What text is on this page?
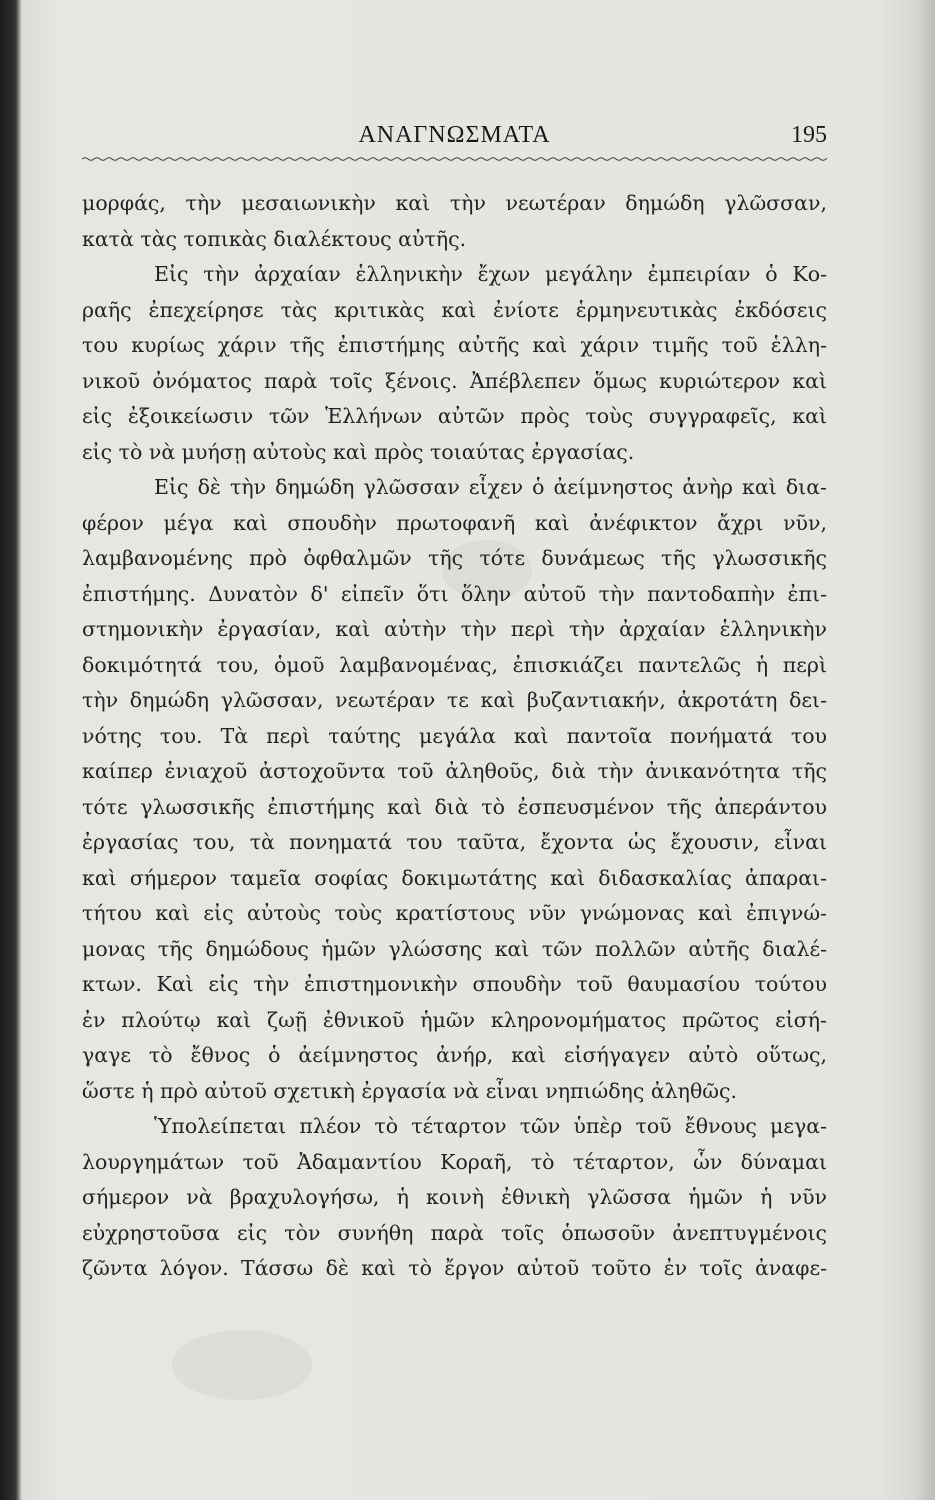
ΑΝΑΓΝΩΣΜΑΤΑ	195
μορφάς, τὴν μεσαιωνικὴν καὶ τὴν νεωτέραν δημώδη γλῶσσαν,
κατὰ τὰς τοπικὰς διαλέκτους αὐτῆς.
Εἰς τὴν ἀρχαίαν ἑλληνικὴν ἔχων μεγάλην ἐμπειρίαν ὁ Κο-
ραῆς ἐπεχείρησε τὰς κριτικὰς καὶ ἐνίοτε ἑρμηνευτικὰς ἐκδόσεις
του κυρίως χάριν τῆς ἐπιστήμης αὐτῆς καὶ χάριν τιμῆς τοῦ ἑλλη-
νικοῦ ὀνόματος παρὰ τοῖς ξένοις. Ἀπέβλεπεν ὅμως κυριώτερον καὶ
εἰς ἐξοικείωσιν τῶν Ἑλλήνων αὐτῶν πρὸς τοὺς συγγραφεῖς, καὶ
εἰς τὸ νὰ μυήσῃ αὐτοὺς καὶ πρὸς τοιαύτας ἐργασίας.
Εἰς δὲ τὴν δημώδη γλῶσσαν εἶχεν ὁ ἀείμνηστος ἀνὴρ καὶ δια-
φέρον μέγα καὶ σπουδὴν πρωτοφανῆ καὶ ἀνέφικτον ἄχρι νῦν,
λαμβανομένης πρὸ ὀφθαλμῶν τῆς τότε δυνάμεως τῆς γλωσσικῆς
ἐπιστήμης. Δυνατὸν δ' εἰπεῖν ὅτι ὅλην αὐτοῦ τὴν παντοδαπὴν ἐπι-
στημονικὴν ἐργασίαν, καὶ αὐτὴν τὴν περὶ τὴν ἀρχαίαν ἑλληνικὴν
δοκιμότητά του, ὁμοῦ λαμβανομένας, ἐπισκιάζει παντελῶς ἡ περὶ
τὴν δημώδη γλῶσσαν, νεωτέραν τε καὶ βυζαντιακήν, ἀκροτάτη δει-
νότης του. Τὰ περὶ ταύτης μεγάλα καὶ παντοῖα πονήματά του
καίπερ ἐνιαχοῦ ἀστοχοῦντα τοῦ ἀληθοῦς, διὰ τὴν ἀνικανότητα τῆς
τότε γλωσσικῆς ἐπιστήμης καὶ διὰ τὸ ἐσπευσμένον τῆς ἀπεράντου
ἐργασίας του, τὰ πονηματά του ταῦτα, ἔχοντα ὡς ἔχουσιν, εἶναι
καὶ σήμερον ταμεῖα σοφίας δοκιμωτάτης καὶ διδασκαλίας ἀπαραι-
τήτου καὶ εἰς αὐτοὺς τοὺς κρατίστους νῦν γνώμονας καὶ ἐπιγνώ-
μονας τῆς δημώδους ἡμῶν γλώσσης καὶ τῶν πολλῶν αὐτῆς διαλέ-
κτων. Καὶ εἰς τὴν ἐπιστημονικὴν σπουδὴν τοῦ θαυμασίου τούτου
ἐν πλούτῳ καὶ ζωῇ ἐθνικοῦ ἡμῶν κληρονομήματος πρῶτος εἰσή-
γαγε τὸ ἔθνος ὁ ἀείμνηστος ἀνήρ, καὶ εἰσήγαγεν αὐτὸ οὕτως,
ὥστε ἡ πρὸ αὐτοῦ σχετικὴ ἐργασία νὰ εἶναι νηπιώδης ἀληθῶς.
Ὑπολείπεται πλέον τὸ τέταρτον τῶν ὑπὲρ τοῦ ἔθνους μεγα-
λουργημάτων τοῦ Ἀδαμαντίου Κοραῆ, τὸ τέταρτον, ὧν δύναμαι
σήμερον νὰ βραχυλογήσω, ἡ κοινὴ ἐθνικὴ γλῶσσα ἡμῶν ἡ νῦν
εὐχρηστοῦσα εἰς τὸν συνήθη παρὰ τοῖς ὁπωσοῦν ἀνεπτυγμένοις
ζῶντα λόγον. Τάσσω δὲ καὶ τὸ ἔργον αὐτοῦ τοῦτο ἐν τοῖς ἀναφε-
